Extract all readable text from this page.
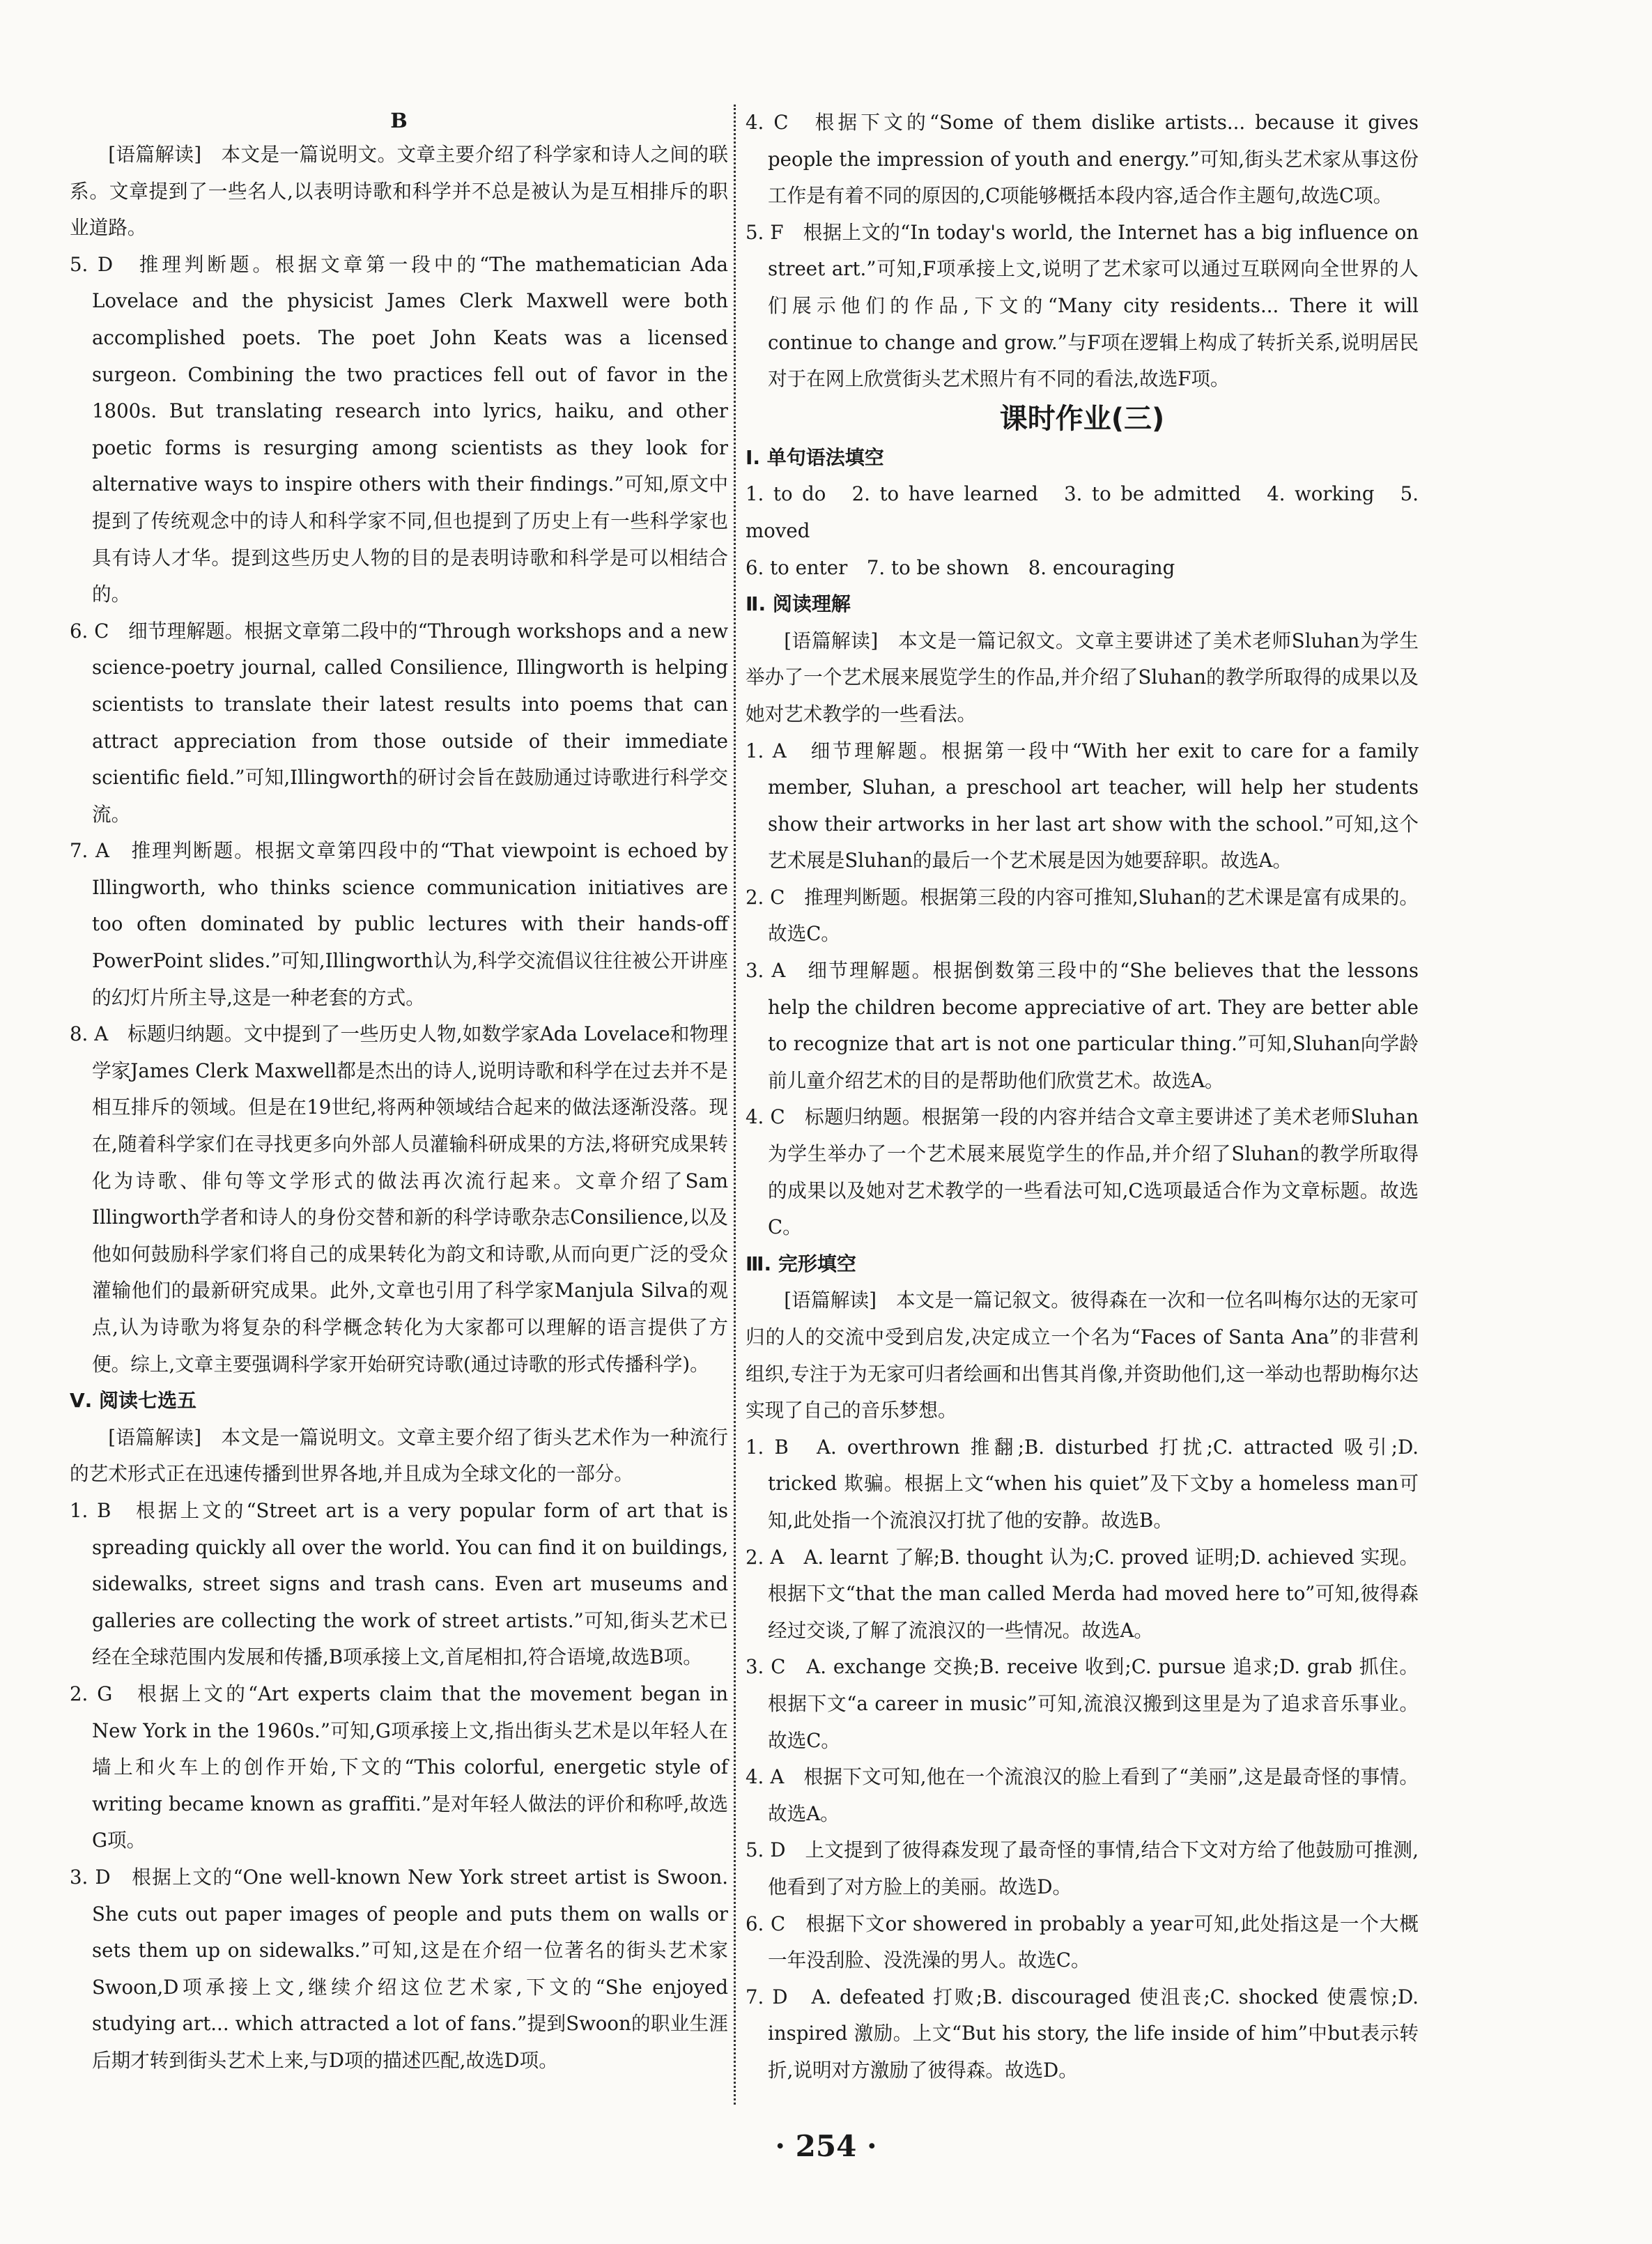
B

[语篇解读]　本文是一篇说明文。文章主要介绍了科学家和诗人之间的联系。文章提到了一些名人,以表明诗歌和科学并不总是被认为是互相排斥的职业道路。

5. D　推理判断题。根据文章第一段中的“The mathematician Ada Lovelace and the physicist James Clerk Maxwell were both accomplished poets. The poet John Keats was a licensed surgeon. Combining the two practices fell out of favor in the 1800s. But translating research into lyrics, haiku, and other poetic forms is resurging among scientists as they look for alternative ways to inspire others with their findings.”可知,原文中提到了传统观念中的诗人和科学家不同,但也提到了历史上有一些科学家也具有诗人才华。提到这些历史人物的目的是表明诗歌和科学是可以相结合的。

6. C　细节理解题。根据文章第二段中的“Through workshops and a new science-poetry journal, called Consilience, Illingworth is helping scientists to translate their latest results into poems that can attract appreciation from those outside of their immediate scientific field.”可知,Illingworth的研讨会旨在鼓励通过诗歌进行科学交流。

7. A　推理判断题。根据文章第四段中的“That viewpoint is echoed by Illingworth, who thinks science communication initiatives are too often dominated by public lectures with their hands-off PowerPoint slides.”可知,Illingworth认为,科学交流倡议往往被公开讲座的幻灯片所主导,这是一种老套的方式。

8. A　标题归纳题。文中提到了一些历史人物,如数学家Ada Lovelace和物理学家James Clerk Maxwell都是杰出的诗人,说明诗歌和科学在过去并不是相互排斥的领域。但是在19世纪,将两种领域结合起来的做法逐渐没落。现在,随着科学家们在寻找更多向外部人员灌输科研成果的方法,将研究成果转化为诗歌、俳句等文学形式的做法再次流行起来。文章介绍了Sam Illingworth学者和诗人的身份交替和新的科学诗歌杂志Consilience,以及他如何鼓励科学家们将自己的成果转化为韵文和诗歌,从而向更广泛的受众灌输他们的最新研究成果。此外,文章也引用了科学家Manjula Silva的观点,认为诗歌为将复杂的科学概念转化为大家都可以理解的语言提供了方便。综上,文章主要强调科学家开始研究诗歌(通过诗歌的形式传播科学)。

Ⅴ. 阅读七选五

[语篇解读]　本文是一篇说明文。文章主要介绍了街头艺术作为一种流行的艺术形式正在迅速传播到世界各地,并且成为全球文化的一部分。

1. B　根据上文的“Street art is a very popular form of art that is spreading quickly all over the world. You can find it on buildings, sidewalks, street signs and trash cans. Even art museums and galleries are collecting the work of street artists.”可知,街头艺术已经在全球范围内发展和传播,B项承接上文,首尾相扣,符合语境,故选B项。

2. G　根据上文的“Art experts claim that the movement began in New York in the 1960s.”可知,G项承接上文,指出街头艺术是以年轻人在墙上和火车上的创作开始,下文的“This colorful, energetic style of writing became known as graffiti.”是对年轻人做法的评价和称呼,故选G项。

3. D　根据上文的“One well-known New York street artist is Swoon. She cuts out paper images of people and puts them on walls or sets them up on sidewalks.”可知,这是在介绍一位著名的街头艺术家Swoon,D项承接上文,继续介绍这位艺术家,下文的“She enjoyed studying art... which attracted a lot of fans.”提到Swoon的职业生涯后期才转到街头艺术上来,与D项的描述匹配,故选D项。

4. C　根据下文的“Some of them dislike artists... because it gives people the impression of youth and energy.”可知,街头艺术家从事这份工作是有着不同的原因的,C项能够概括本段内容,适合作主题句,故选C项。

5. F　根据上文的“In today's world, the Internet has a big influence on street art.”可知,F项承接上文,说明了艺术家可以通过互联网向全世界的人们展示他们的作品,下文的“Many city residents... There it will continue to change and grow.”与F项在逻辑上构成了转折关系,说明居民对于在网上欣赏街头艺术照片有不同的看法,故选F项。

课时作业(三)

Ⅰ. 单句语法填空

1. to do　2. to have learned　3. to be admitted　4. working　5. moved

6. to enter　7. to be shown　8. encouraging

Ⅱ. 阅读理解

[语篇解读]　本文是一篇记叙文。文章主要讲述了美术老师Sluhan为学生举办了一个艺术展来展览学生的作品,并介绍了Sluhan的教学所取得的成果以及她对艺术教学的一些看法。

1. A　细节理解题。根据第一段中“With her exit to care for a family member, Sluhan, a preschool art teacher, will help her students show their artworks in her last art show with the school.”可知,这个艺术展是Sluhan的最后一个艺术展是因为她要辞职。故选A。

2. C　推理判断题。根据第三段的内容可推知,Sluhan的艺术课是富有成果的。故选C。

3. A　细节理解题。根据倒数第三段中的“She believes that the lessons help the children become appreciative of art. They are better able to recognize that art is not one particular thing.”可知,Sluhan向学龄前儿童介绍艺术的目的是帮助他们欣赏艺术。故选A。

4. C　标题归纳题。根据第一段的内容并结合文章主要讲述了美术老师Sluhan为学生举办了一个艺术展来展览学生的作品,并介绍了Sluhan的教学所取得的成果以及她对艺术教学的一些看法可知,C选项最适合作为文章标题。故选C。

Ⅲ. 完形填空

[语篇解读]　本文是一篇记叙文。彼得森在一次和一位名叫梅尔达的无家可归的人的交流中受到启发,决定成立一个名为“Faces of Santa Ana”的非营利组织,专注于为无家可归者绘画和出售其肖像,并资助他们,这一举动也帮助梅尔达实现了自己的音乐梦想。

1. B　A. overthrown 推翻;B. disturbed 打扰;C. attracted 吸引;D. tricked 欺骗。根据上文“when his quiet”及下文by a homeless man可知,此处指一个流浪汉打扰了他的安静。故选B。

2. A　A. learnt 了解;B. thought 认为;C. proved 证明;D. achieved 实现。根据下文“that the man called Merda had moved here to”可知,彼得森经过交谈,了解了流浪汉的一些情况。故选A。

3. C　A. exchange 交换;B. receive 收到;C. pursue 追求;D. grab 抓住。根据下文“a career in music”可知,流浪汉搬到这里是为了追求音乐事业。故选C。

4. A　根据下文可知,他在一个流浪汉的脸上看到了“美丽”,这是最奇怪的事情。故选A。

5. D　上文提到了彼得森发现了最奇怪的事情,结合下文对方给了他鼓励可推测,他看到了对方脸上的美丽。故选D。

6. C　根据下文or showered in probably a year可知,此处指这是一个大概一年没刮脸、没洗澡的男人。故选C。

7. D　A. defeated 打败;B. discouraged 使沮丧;C. shocked 使震惊;D. inspired 激励。上文“But his story, the life inside of him”中but表示转折,说明对方激励了彼得森。故选D。

· 254 ·
